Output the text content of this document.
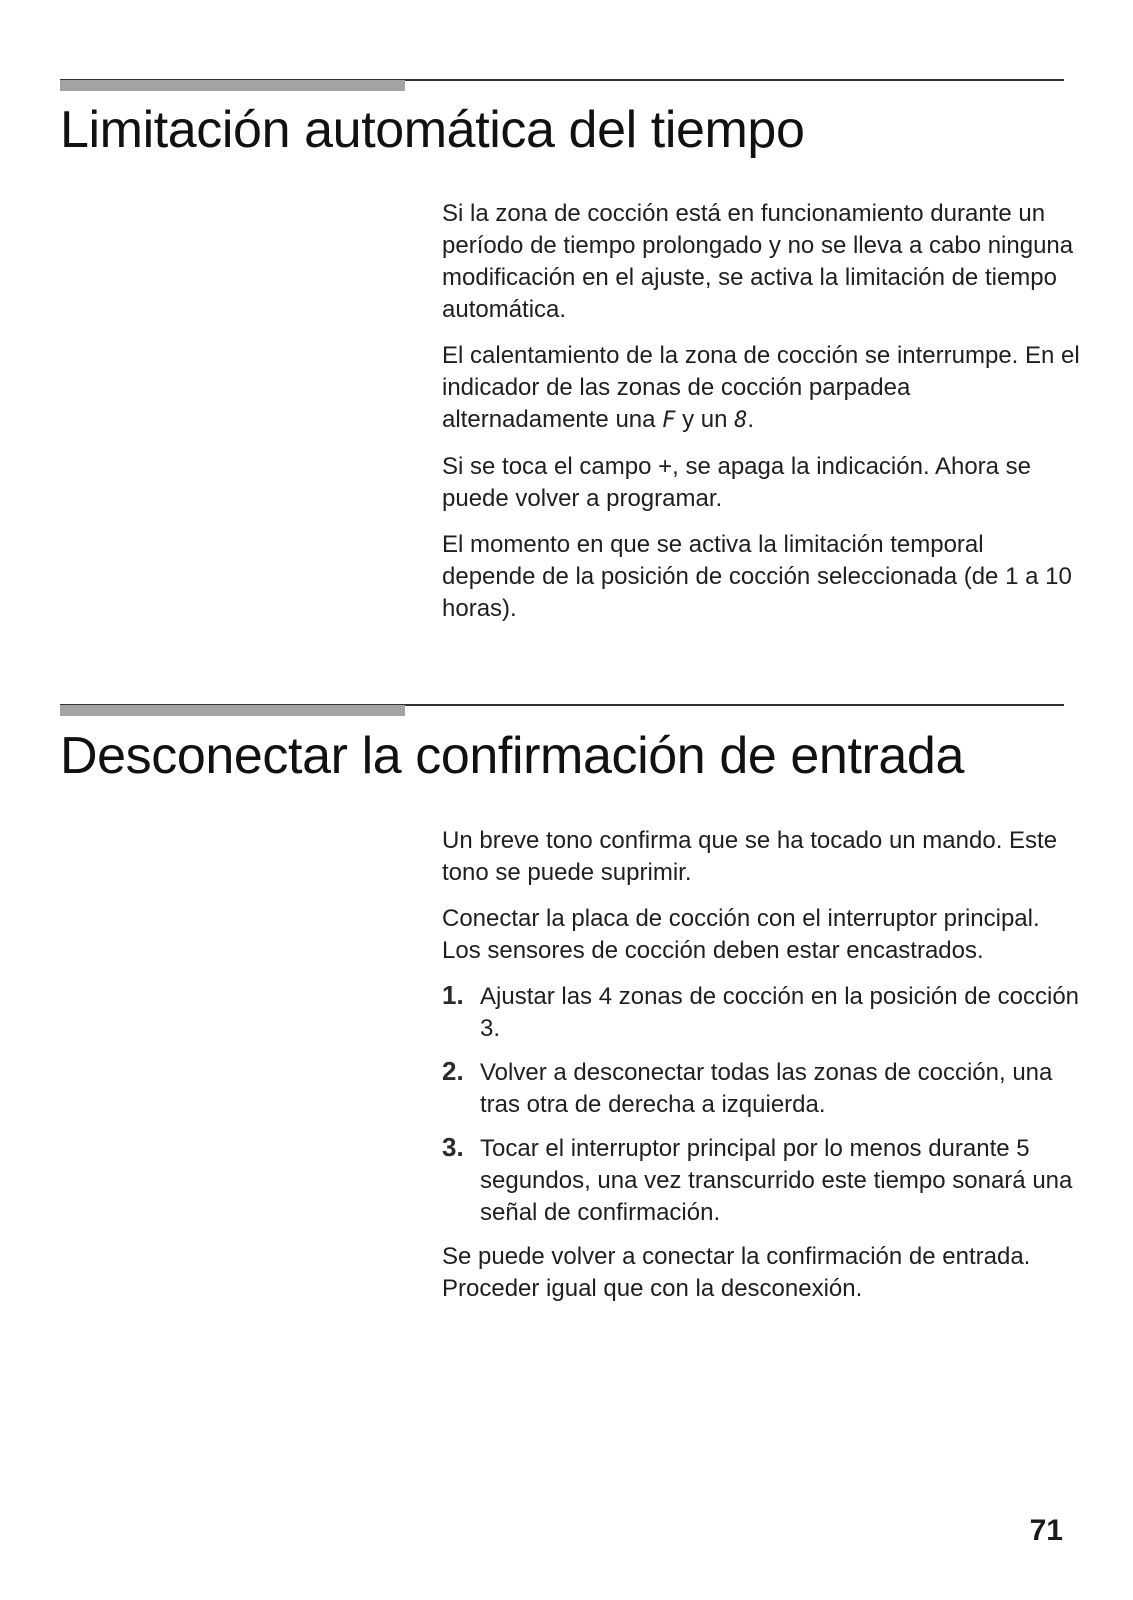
Limitación automática del tiempo

Si la zona de cocción está en funcionamiento durante un período de tiempo prolongado y no se lleva a cabo ninguna modificación en el ajuste, se activa la limitación de tiempo automática.

El calentamiento de la zona de cocción se interrumpe. En el indicador de las zonas de cocción parpadea alternadamente una F y un 8.

Si se toca el campo +, se apaga la indicación. Ahora se puede volver a programar.

El momento en que se activa la limitación temporal depende de la posición de cocción seleccionada (de 1 a 10 horas).

Desconectar la confirmación de entrada

Un breve tono confirma que se ha tocado un mando. Este tono se puede suprimir.

Conectar la placa de cocción con el interruptor principal. Los sensores de cocción deben estar encastrados.

1. Ajustar las 4 zonas de cocción en la posición de cocción 3.
2. Volver a desconectar todas las zonas de cocción, una tras otra de derecha a izquierda.
3. Tocar el interruptor principal por lo menos durante 5 segundos, una vez transcurrido este tiempo sonará una señal de confirmación.

Se puede volver a conectar la confirmación de entrada. Proceder igual que con la desconexión.

71
